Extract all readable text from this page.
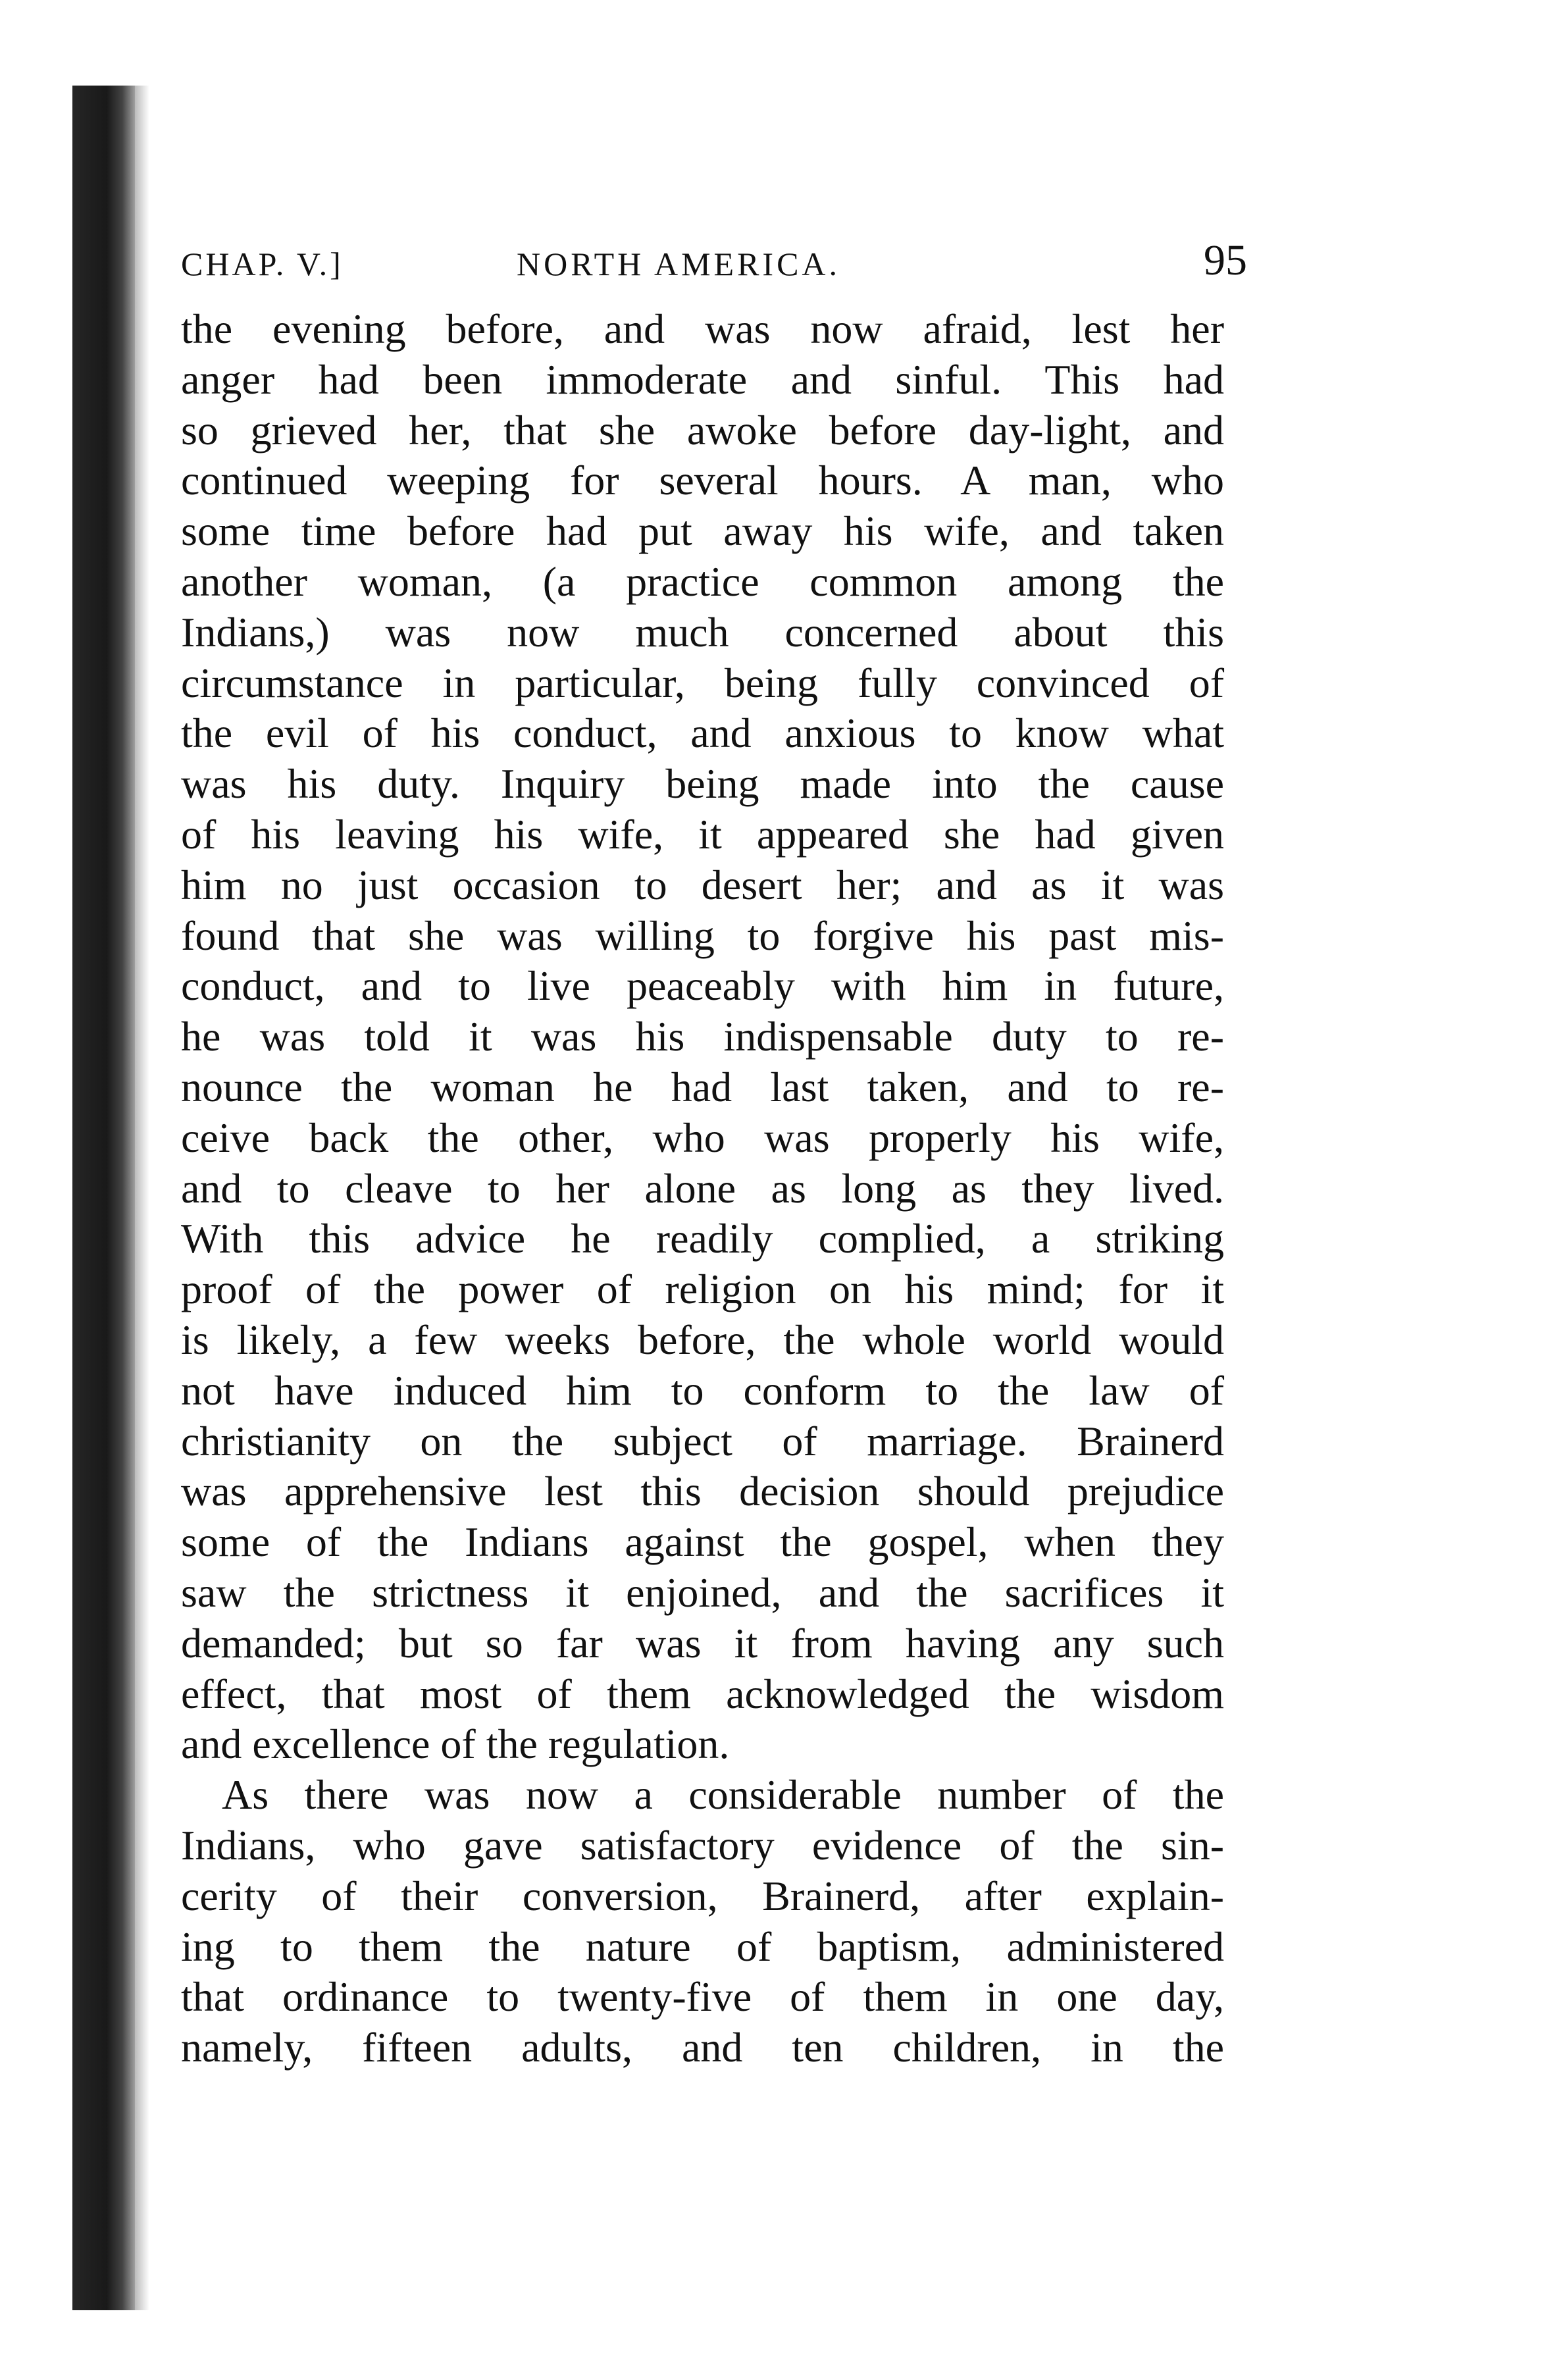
CHAP. V.]	NORTH AMERICA.	95
the evening before, and was now afraid, lest her
anger had been immoderate and sinful. This had
so grieved her, that she awoke before day-light, and
continued weeping for several hours. A man, who
some time before had put away his wife, and taken
another woman, (a practice common among the
Indians,) was now much concerned about this
circumstance in particular, being fully convinced of
the evil of his conduct, and anxious to know what
was his duty. Inquiry being made into the cause
of his leaving his wife, it appeared she had given
him no just occasion to desert her; and as it was
found that she was willing to forgive his past mis-
conduct, and to live peaceably with him in future,
he was told it was his indispensable duty to re-
nounce the woman he had last taken, and to re-
ceive back the other, who was properly his wife,
and to cleave to her alone as long as they lived.
With this advice he readily complied, a striking
proof of the power of religion on his mind; for it
is likely, a few weeks before, the whole world would
not have induced him to conform to the law of
christianity on the subject of marriage. Brainerd
was apprehensive lest this decision should prejudice
some of the Indians against the gospel, when they
saw the strictness it enjoined, and the sacrifices it
demanded; but so far was it from having any such
effect, that most of them acknowledged the wisdom
and excellence of the regulation.
As there was now a considerable number of the
Indians, who gave satisfactory evidence of the sin-
cerity of their conversion, Brainerd, after explain-
ing to them the nature of baptism, administered
that ordinance to twenty-five of them in one day,
namely, fifteen adults, and ten children, in the
